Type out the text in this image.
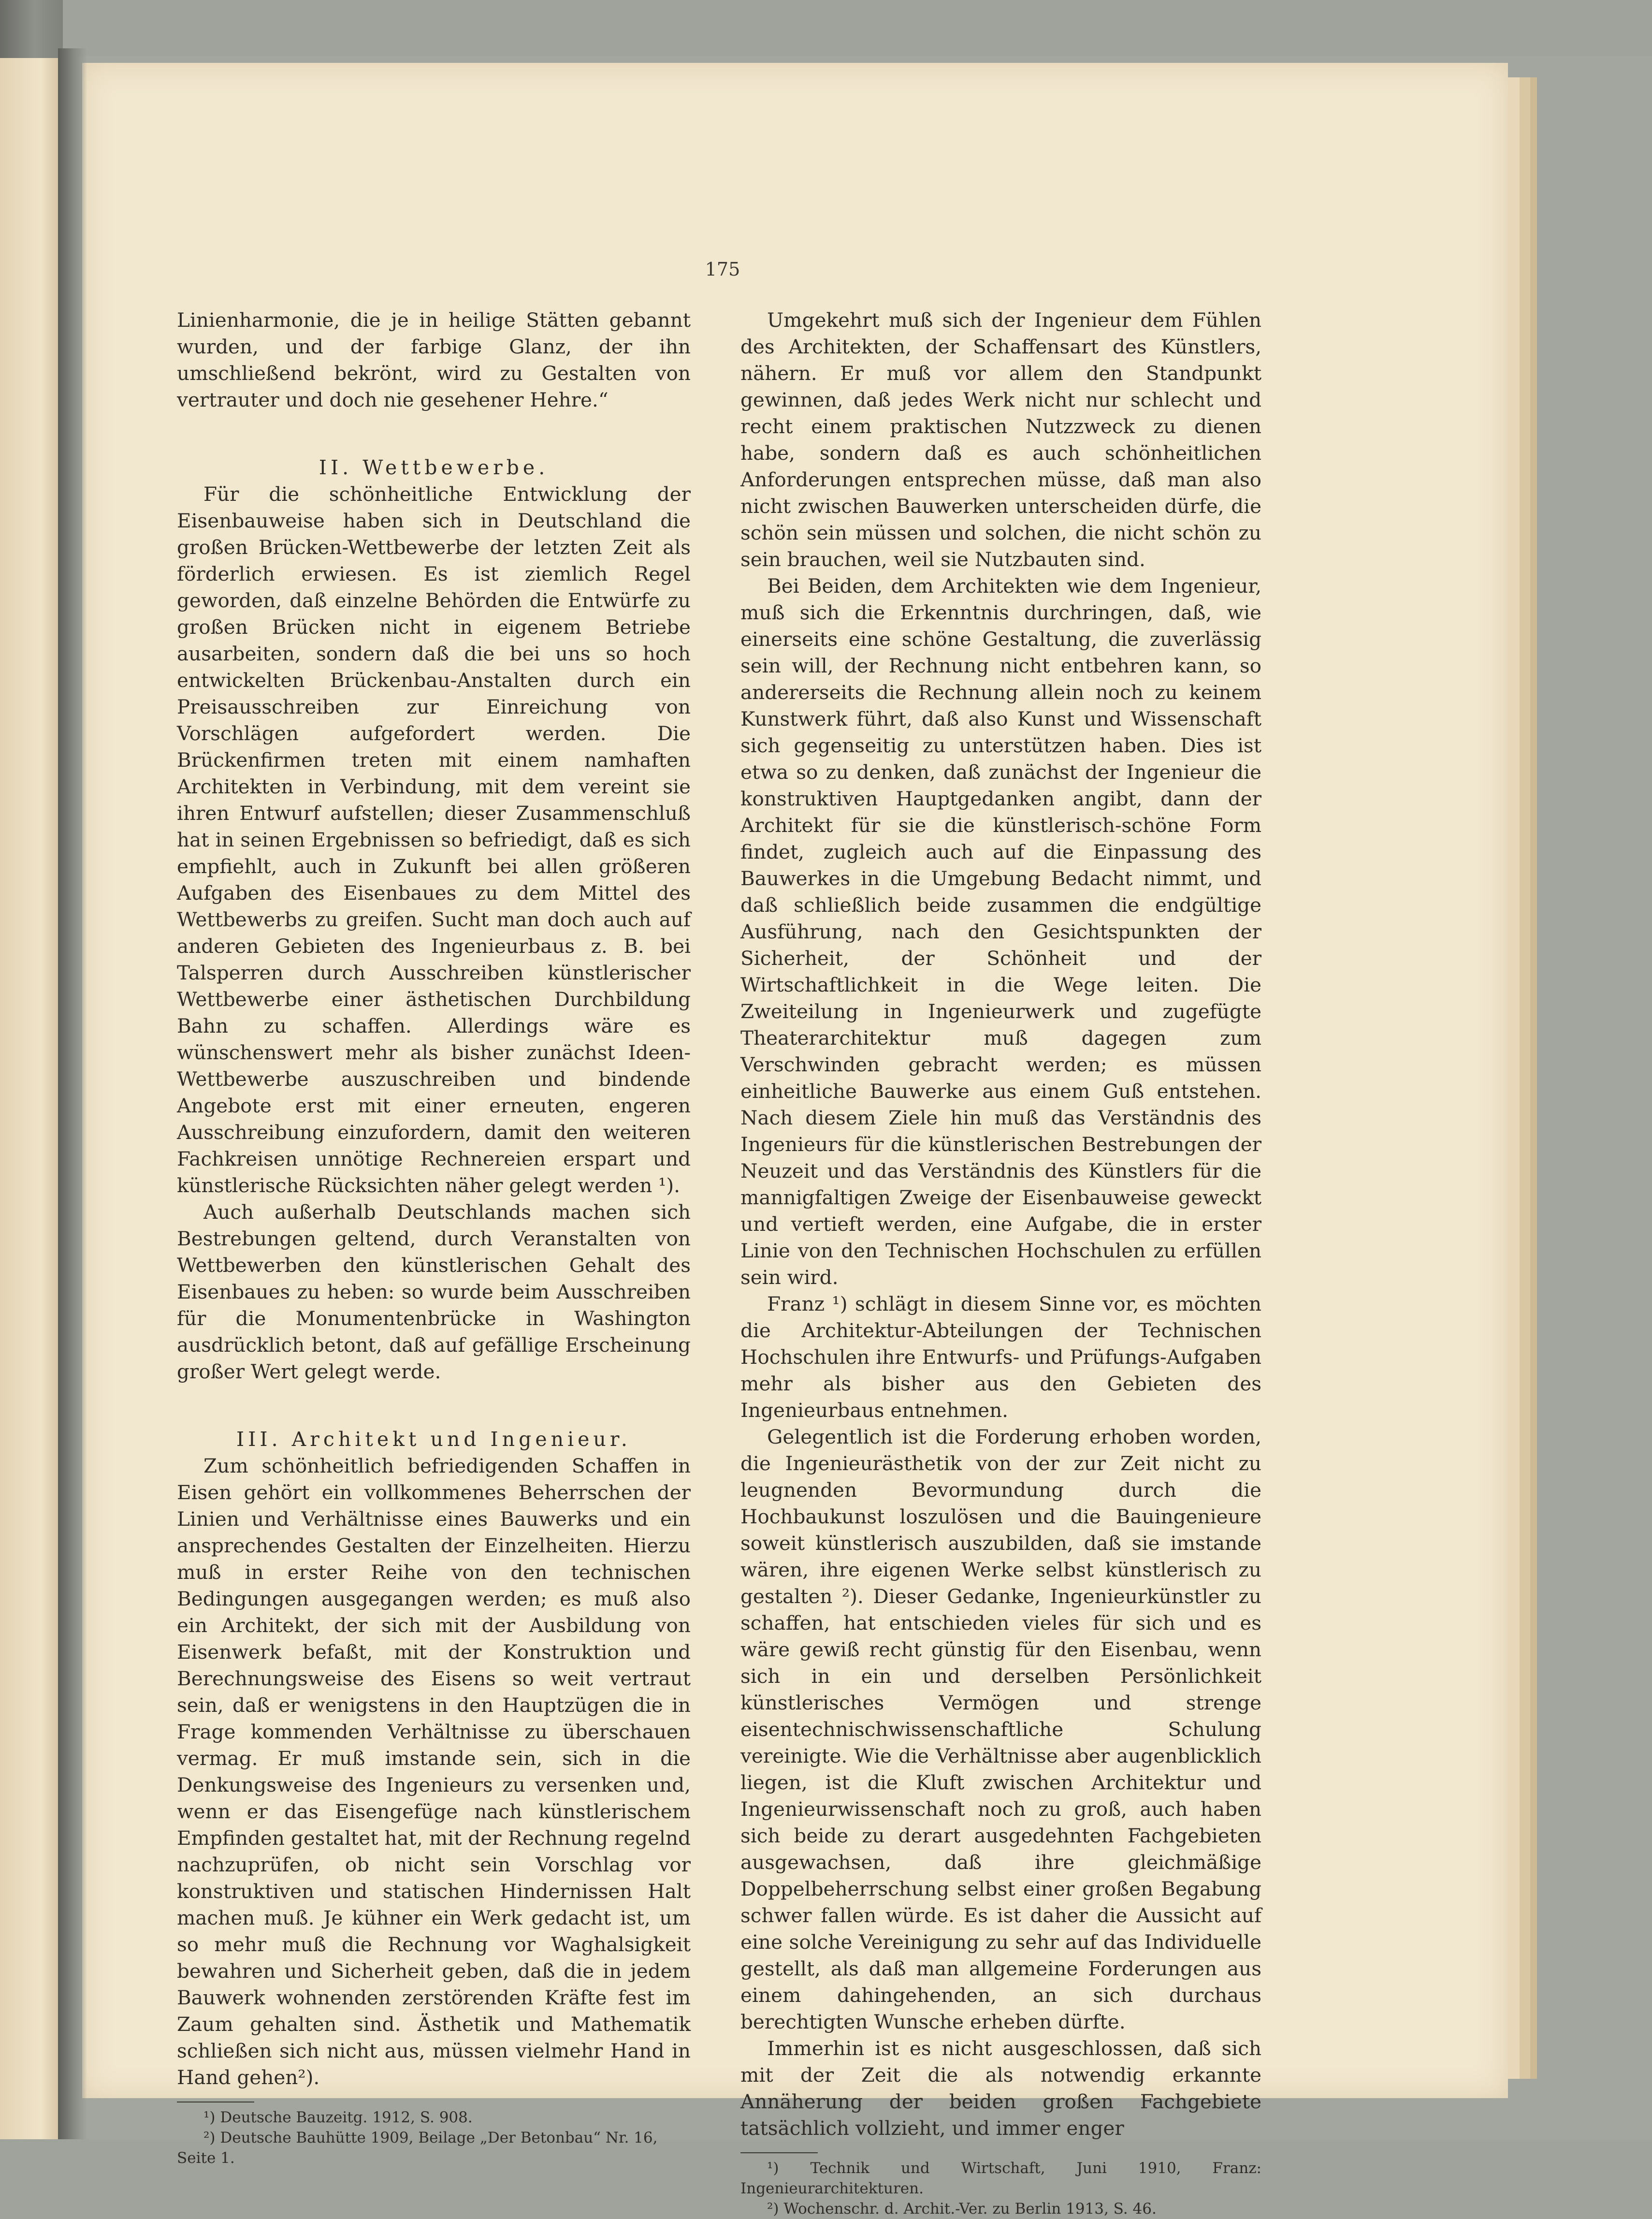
175

Linienharmonie, die je in heilige Stätten gebannt wurden, und der farbige Glanz, der ihn umschließend bekrönt, wird zu Gestalten von vertrauter und doch nie gesehener Hehre.“

II. Wettbewerbe.

Für die schönheitliche Entwicklung der Eisenbauweise haben sich in Deutschland die großen Brücken-Wettbewerbe der letzten Zeit als förderlich erwiesen. Es ist ziemlich Regel geworden, daß einzelne Behörden die Entwürfe zu großen Brücken nicht in eigenem Betriebe ausarbeiten, sondern daß die bei uns so hoch entwickelten Brückenbau-Anstalten durch ein Preisausschreiben zur Einreichung von Vorschlägen aufgefordert werden. Die Brückenfirmen treten mit einem namhaften Architekten in Verbindung, mit dem vereint sie ihren Entwurf aufstellen; dieser Zusammenschluß hat in seinen Ergebnissen so befriedigt, daß es sich empfiehlt, auch in Zukunft bei allen größeren Aufgaben des Eisenbaues zu dem Mittel des Wettbewerbs zu greifen. Sucht man doch auch auf anderen Gebieten des Ingenieurbaus z. B. bei Talsperren durch Ausschreiben künstlerischer Wettbewerbe einer ästhetischen Durchbildung Bahn zu schaffen. Allerdings wäre es wünschenswert mehr als bisher zunächst Ideen-Wettbewerbe auszuschreiben und bindende Angebote erst mit einer erneuten, engeren Ausschreibung einzufordern, damit den weiteren Fachkreisen unnötige Rechnereien erspart und künstlerische Rücksichten näher gelegt werden ¹).

Auch außerhalb Deutschlands machen sich Bestrebungen geltend, durch Veranstalten von Wettbewerben den künstlerischen Gehalt des Eisenbaues zu heben: so wurde beim Ausschreiben für die Monumentenbrücke in Washington ausdrücklich betont, daß auf gefällige Erscheinung großer Wert gelegt werde.

III. Architekt und Ingenieur.

Zum schönheitlich befriedigenden Schaffen in Eisen gehört ein vollkommenes Beherrschen der Linien und Verhältnisse eines Bauwerks und ein ansprechendes Gestalten der Einzelheiten. Hierzu muß in erster Reihe von den technischen Bedingungen ausgegangen werden; es muß also ein Architekt, der sich mit der Ausbildung von Eisenwerk befaßt, mit der Konstruktion und Berechnungsweise des Eisens so weit vertraut sein, daß er wenigstens in den Hauptzügen die in Frage kommenden Verhältnisse zu überschauen vermag. Er muß imstande sein, sich in die Denkungsweise des Ingenieurs zu versenken und, wenn er das Eisengefüge nach künstlerischem Empfinden gestaltet hat, mit der Rechnung regelnd nachzuprüfen, ob nicht sein Vorschlag vor konstruktiven und statischen Hindernissen Halt machen muß. Je kühner ein Werk gedacht ist, um so mehr muß die Rechnung vor Waghalsigkeit bewahren und Sicherheit geben, daß die in jedem Bauwerk wohnenden zerstörenden Kräfte fest im Zaum gehalten sind. Ästhetik und Mathematik schließen sich nicht aus, müssen vielmehr Hand in Hand gehen²).

¹) Deutsche Bauzeitg. 1912, S. 908.

²) Deutsche Bauhütte 1909, Beilage „Der Betonbau“ Nr. 16,

Seite 1.

Umgekehrt muß sich der Ingenieur dem Fühlen des Architekten, der Schaffensart des Künstlers, nähern. Er muß vor allem den Standpunkt gewinnen, daß jedes Werk nicht nur schlecht und recht einem praktischen Nutzzweck zu dienen habe, sondern daß es auch schönheitlichen Anforderungen entsprechen müsse, daß man also nicht zwischen Bauwerken unterscheiden dürfe, die schön sein müssen und solchen, die nicht schön zu sein brauchen, weil sie Nutzbauten sind.

Bei Beiden, dem Architekten wie dem Ingenieur, muß sich die Erkenntnis durchringen, daß, wie einerseits eine schöne Gestaltung, die zuverlässig sein will, der Rechnung nicht entbehren kann, so andererseits die Rechnung allein noch zu keinem Kunstwerk führt, daß also Kunst und Wissenschaft sich gegenseitig zu unterstützen haben. Dies ist etwa so zu denken, daß zunächst der Ingenieur die konstruktiven Hauptgedanken angibt, dann der Architekt für sie die künstlerisch-schöne Form findet, zugleich auch auf die Einpassung des Bauwerkes in die Umgebung Bedacht nimmt, und daß schließlich beide zusammen die endgültige Ausführung, nach den Gesichtspunkten der Sicherheit, der Schönheit und der Wirtschaftlichkeit in die Wege leiten. Die Zweiteilung in Ingenieurwerk und zugefügte Theaterarchitektur muß dagegen zum Verschwinden gebracht werden; es müssen einheitliche Bauwerke aus einem Guß entstehen. Nach diesem Ziele hin muß das Verständnis des Ingenieurs für die künstlerischen Bestrebungen der Neuzeit und das Verständnis des Künstlers für die mannigfaltigen Zweige der Eisenbauweise geweckt und vertieft werden, eine Aufgabe, die in erster Linie von den Technischen Hochschulen zu erfüllen sein wird.

Franz ¹) schlägt in diesem Sinne vor, es möchten die Architektur-Abteilungen der Technischen Hochschulen ihre Entwurfs- und Prüfungs-Aufgaben mehr als bisher aus den Gebieten des Ingenieurbaus entnehmen.

Gelegentlich ist die Forderung erhoben worden, die Ingenieurästhetik von der zur Zeit nicht zu leugnenden Bevormundung durch die Hochbaukunst loszulösen und die Bauingenieure soweit künstlerisch auszubilden, daß sie imstande wären, ihre eigenen Werke selbst künstlerisch zu gestalten ²). Dieser Gedanke, Ingenieurkünstler zu schaffen, hat entschieden vieles für sich und es wäre gewiß recht günstig für den Eisenbau, wenn sich in ein und derselben Persönlichkeit künstlerisches Vermögen und strenge eisentechnischwissenschaftliche Schulung vereinigte. Wie die Verhältnisse aber augenblicklich liegen, ist die Kluft zwischen Architektur und Ingenieurwissenschaft noch zu groß, auch haben sich beide zu derart ausgedehnten Fachgebieten ausgewachsen, daß ihre gleichmäßige Doppelbeherrschung selbst einer großen Begabung schwer fallen würde. Es ist daher die Aussicht auf eine solche Vereinigung zu sehr auf das Individuelle gestellt, als daß man allgemeine Forderungen aus einem dahingehenden, an sich durchaus berechtigten Wunsche erheben dürfte.

Immerhin ist es nicht ausgeschlossen, daß sich mit der Zeit die als notwendig erkannte Annäherung der beiden großen Fachgebiete tatsächlich vollzieht, und immer enger

¹) Technik und Wirtschaft, Juni 1910, Franz: Ingenieurarchitekturen.

²) Wochenschr. d. Archit.-Ver. zu Berlin 1913, S. 46.
